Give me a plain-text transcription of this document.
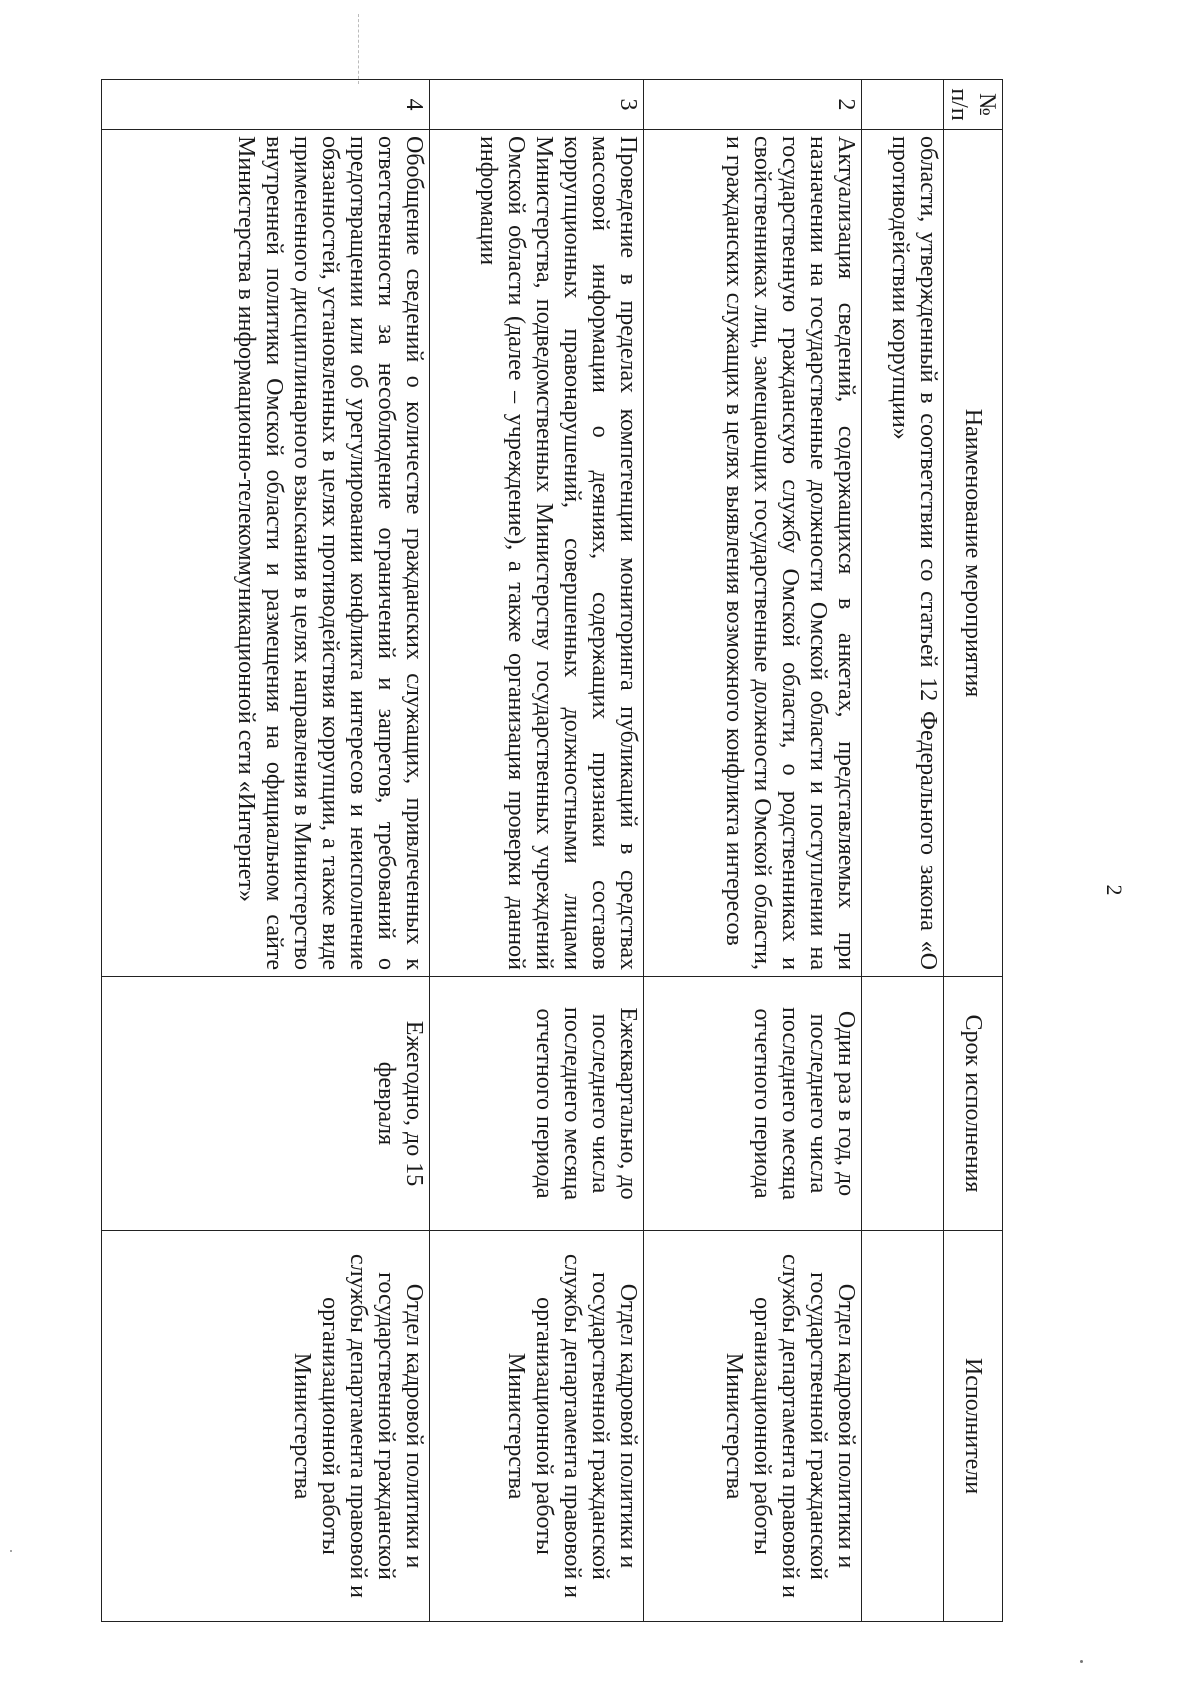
2
№ п/п	Наименование мероприятия	Срок исполнения	Исполнители
	области, утвержденный в соответствии со статьей 12 Федерального закона «О противодействии коррупции»		
2	Актуализация сведений, содержащихся в анкетах, представляемых при назначении на государственные должности Омской области и поступлении на государственную гражданскую службу Омской области, о родственниках и свойственниках лиц, замещающих государственные должности Омской области, и гражданских служащих в целях выявления возможного конфликта интересов	Один раз в год, до последнего числа последнего месяца отчетного периода	Отдел кадровой политики и государственной гражданской службы департамента правовой и организационной работы Министерства
3	Проведение в пределах компетенции мониторинга публикаций в средствах массовой информации о деяниях, содержащих признаки составов коррупционных правонарушений, совершенных должностными лицами Министерства, подведомственных Министерству государственных учреждений Омской области (далее – учреждение), а также организация проверки данной информации	Ежеквартально, до последнего числа последнего месяца отчетного периода	Отдел кадровой политики и государственной гражданской службы департамента правовой и организационной работы Министерства
4	Обобщение сведений о количестве гражданских служащих, привлеченных к ответственности за несоблюдение ограничений и запретов, требований о предотвращении или об урегулировании конфликта интересов и неисполнение обязанностей, установленных в целях противодействия коррупции, а также виде примененного дисциплинарного взыскания в целях направления в Министерство внутренней политики Омской области и размещения на официальном сайте Министерства в информационно-телекоммуникационной сети «Интернет»	Ежегодно, до 15 февраля	Отдел кадровой политики и государственной гражданской службы департамента правовой и организационной работы Министерства
